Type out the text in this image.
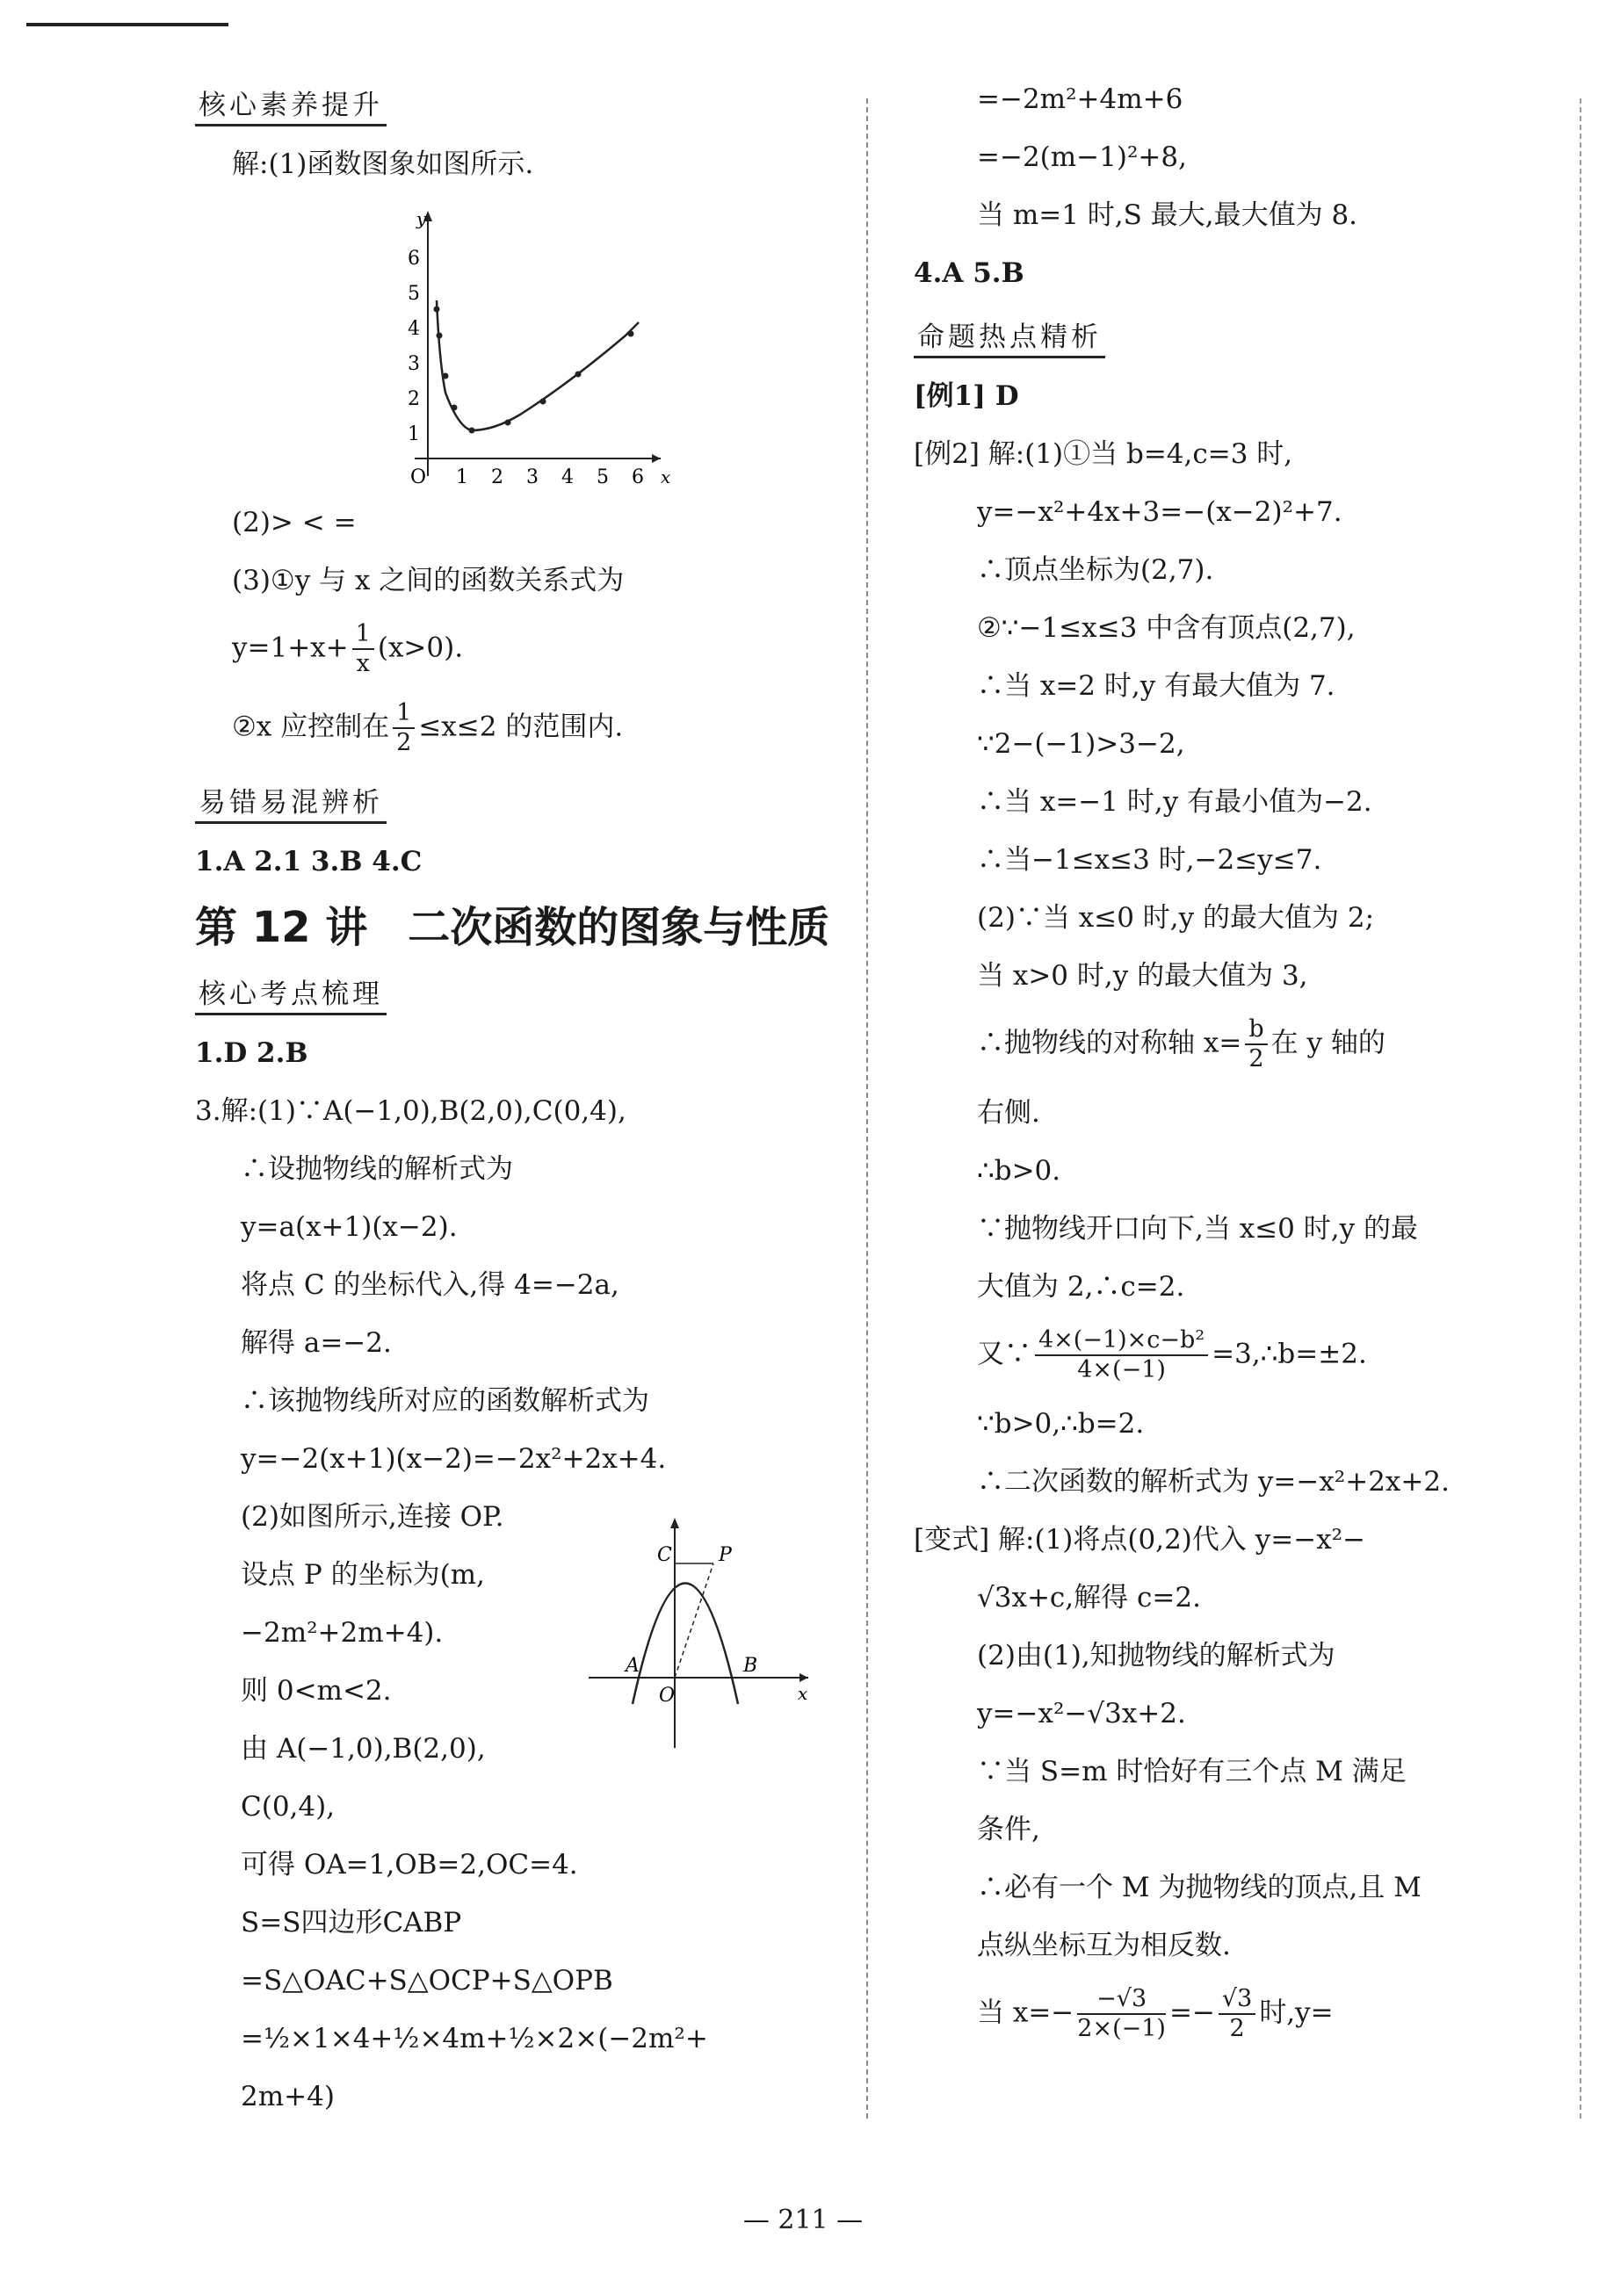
核心素养提升
解:(1)函数图象如图所示.
y
x
O
1
2
3
4
5
6
1 2 3 4 5 6
(2)> < =
(3)①y 与 x 之间的函数关系式为
$y=1+x+ \frac{1}{x} (x>0)$.
②x 应控制在 $\frac{1}{2} \le x\le 2$ 的范围内.
易错易混辨析
1.A 2.1 3.B 4.C
第 12 讲 二次函数的图象与性质
核心考点梳理
1.D 2.B
3.解:(1)∵A(−1,0),B(2,0),C(0,4),
∴设抛物线的解析式为
y=a(x+1)(x−2).
将点 C 的坐标代入,得 4=−2a,
解得 a=−2.
∴该抛物线所对应的函数解析式为
y=−2(x+1)(x−2)=−2x²+2x+4.
(2)如图所示,连接 OP.
设点 P 的坐标为(m,
−2m²+2m+4).
则 0<m<2.
由 A(−1,0),B(2,0),
C(0,4),
可得 OA=1,OB=2,OC=4.
S=S四边形CABP
=S△OAC+S△OCP+S△OPB
=½×1×4+½×4m+½×2×(−2m²+
2m+4)
C P
A	B
O	x
=−2m²+4m+6
=−2(m−1)²+8,
当 m=1 时,S 最大,最大值为 8.
4.A 5.B
命题热点精析
[例1] D
[例2] 解:(1)①当 b=4,c=3 时,
y=−x²+4x+3=−(x−2)²+7.
∴顶点坐标为(2,7).
②∵−1≤x≤3 中含有顶点(2,7),
∴当 x=2 时,y 有最大值为 7.
∵2−(−1)>3−2,
∴当 x=−1 时,y 有最小值为−2.
∴当−1≤x≤3 时,−2≤y≤7.
(2)∵当 x≤0 时,y 的最大值为 2;
当 x>0 时,y 的最大值为 3,
∴抛物线的对称轴 $x= \frac{b}{2}$ 在 y 轴的
右侧.
∴b>0.
∵抛物线开口向下,当 x≤0 时,y 的最
大值为 2,∴c=2.
又∵ $\frac{\text{4×(−1)×c−b²}}{4\times(-1)}$ =3,∴b=±2.
∵b>0,∴b=2.
∴二次函数的解析式为 y=−x²+2x+2.
[变式] 解:(1)将点(0,2)代入 y=−x²−
√3x+c,解得 c=2.
(2)由(1),知抛物线的解析式为
y=−x²−√3x+2.
∵当 S=m 时恰好有三个点 M 满足
条件,
∴必有一个 M 为抛物线的顶点,且 M
点纵坐标互为相反数.
当 $x=- \frac{-√3}{2\times(-1)} =- \frac{√3}{2}$ 时,y=
— 211 —
